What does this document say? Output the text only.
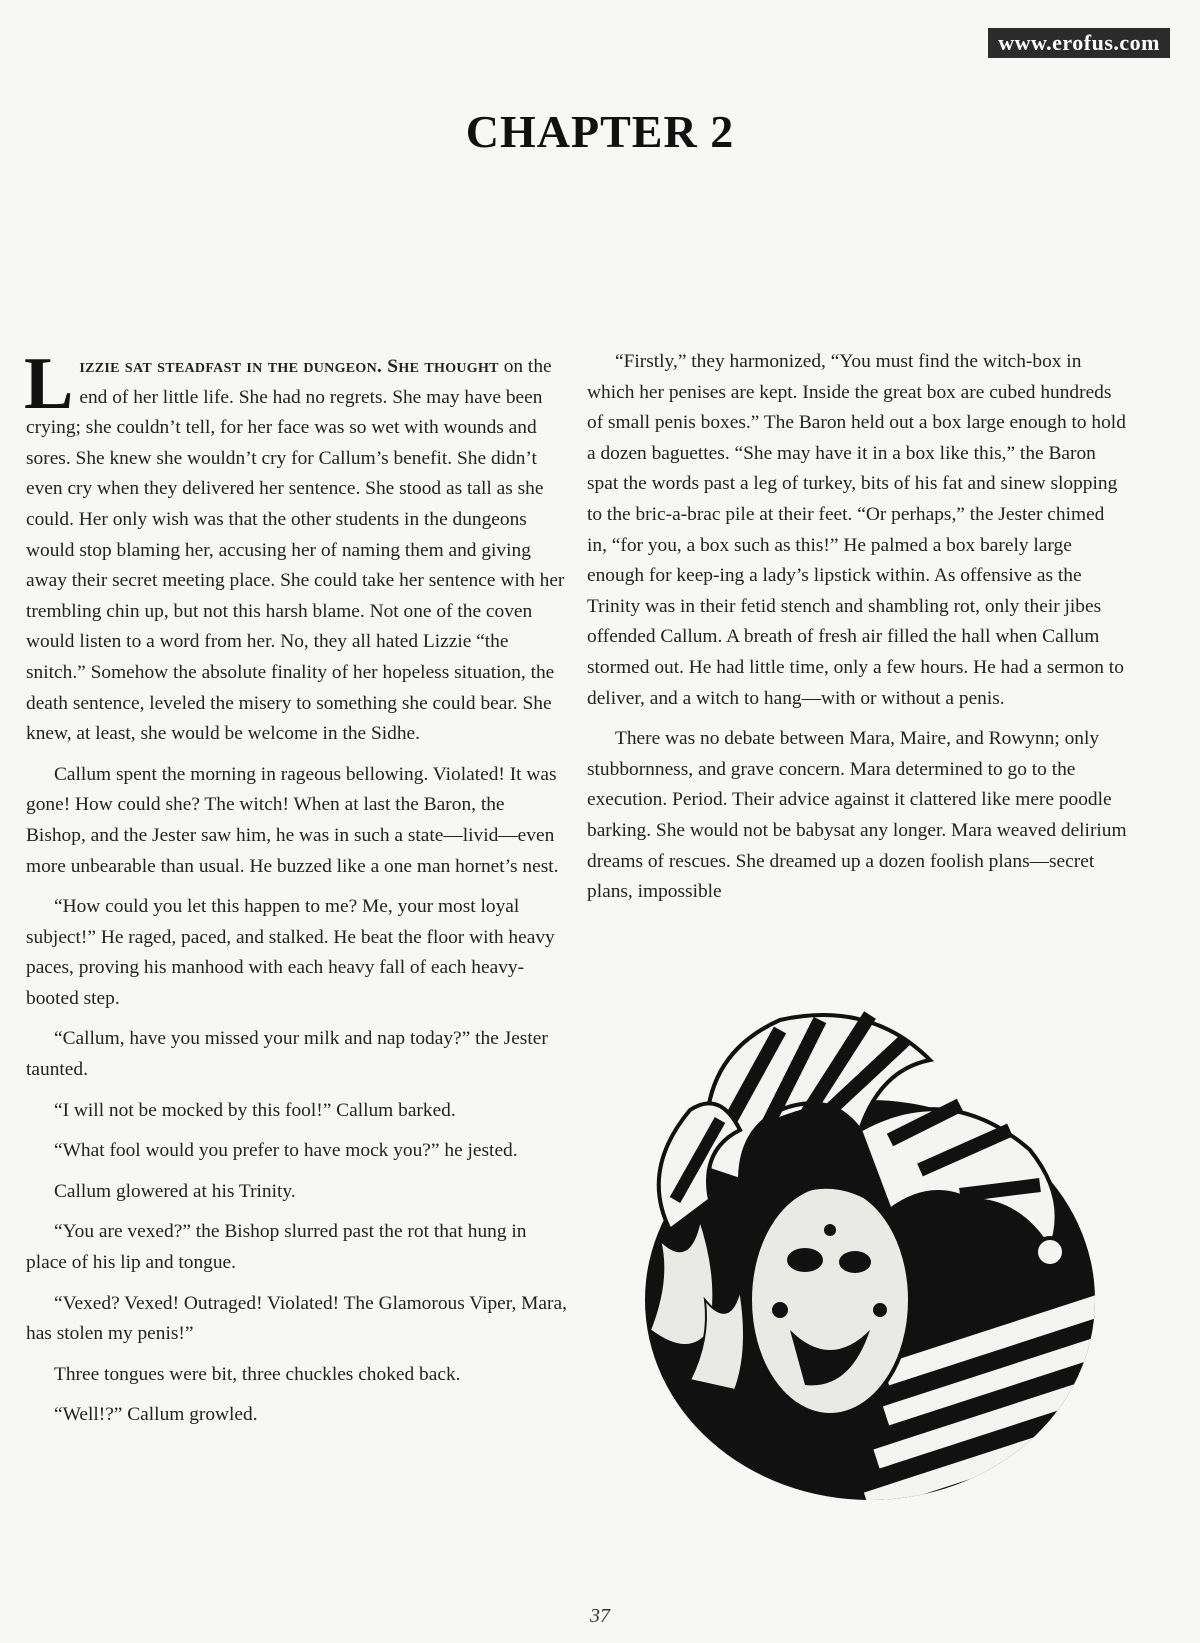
www.erofus.com
CHAPTER 2

Lizzie sat steadfast in the dungeon. She thought on the end of her little life. She had no regrets. She may have been crying; she couldn’t tell, for her face was so wet with wounds and sores. She knew she wouldn’t cry for Callum’s benefit. She didn’t even cry when they delivered her sentence. She stood as tall as she could. Her only wish was that the other students in the dungeons would stop blaming her, accusing her of naming them and giving away their secret meeting place. She could take her sentence with her trembling chin up, but not this harsh blame. Not one of the coven would listen to a word from her. No, they all hated Lizzie “the snitch.” Somehow the absolute finality of her hopeless situation, the death sentence, leveled the misery to something she could bear. She knew, at least, she would be welcome in the Sidhe.

Callum spent the morning in rageous bellowing. Violated! It was gone! How could she? The witch! When at last the Baron, the Bishop, and the Jester saw him, he was in such a state—livid—even more unbearable than usual. He buzzed like a one man hornet’s nest.

“How could you let this happen to me? Me, your most loyal subject!” He raged, paced, and stalked. He beat the floor with heavy paces, proving his manhood with each heavy fall of each heavy-booted step.

“Callum, have you missed your milk and nap today?” the Jester taunted.

“I will not be mocked by this fool!” Callum barked.

“What fool would you prefer to have mock you?” he jested.

Callum glowered at his Trinity.

“You are vexed?” the Bishop slurred past the rot that hung in place of his lip and tongue.

“Vexed? Vexed! Outraged! Violated! The Glamorous Viper, Mara, has stolen my penis!”

Three tongues were bit, three chuckles choked back.

“Well!?” Callum growled.

“Firstly,” they harmonized, “You must find the witch-box in which her penises are kept. Inside the great box are cubed hundreds of small penis boxes.” The Baron held out a box large enough to hold a dozen baguettes. “She may have it in a box like this,” the Baron spat the words past a leg of turkey, bits of his fat and sinew slopping to the bric-a-brac pile at their feet. “Or perhaps,” the Jester chimed in, “for you, a box such as this!” He palmed a box barely large enough for keep-ing a lady’s lipstick within. As offensive as the Trinity was in their fetid stench and shambling rot, only their jibes offended Callum. A breath of fresh air filled the hall when Callum stormed out. He had little time, only a few hours. He had a sermon to deliver, and a witch to hang—with or without a penis.

There was no debate between Mara, Maire, and Rowynn; only stubbornness, and grave concern. Mara determined to go to the execution. Period. Their advice against it clattered like mere poodle barking. She would not be babysat any longer. Mara weaved delirium dreams of rescues. She dreamed up a dozen foolish plans—secret plans, impossible

37
